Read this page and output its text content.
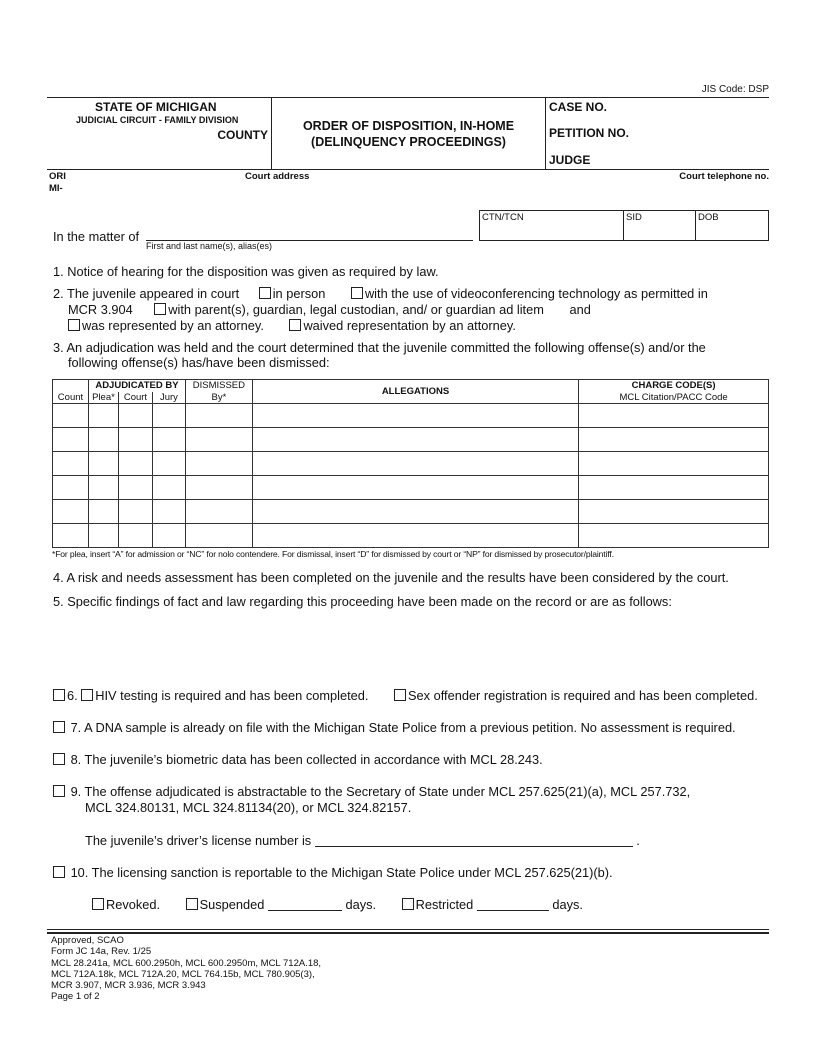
JIS Code: DSP
STATE OF MICHIGAN
JUDICIAL CIRCUIT - FAMILY DIVISION
COUNTY
ORDER OF DISPOSITION, IN-HOME
(DELINQUENCY PROCEEDINGS)
CASE NO.
PETITION NO.
JUDGE
ORI
MI-
Court address	Court telephone no.
CTN/TCN	SID	DOB
In the matter of
First and last name(s), alias(es)
1. Notice of hearing for the disposition was given as required by law.
2. The juvenile appeared in court	in person	with the use of videoconferencing technology as permitted in
MCR 3.904	with parent(s), guardian, legal custodian, and/ or guardian ad litem and
was represented by an attorney.	waived representation by an attorney.
3. An adjudication was held and the court determined that the juvenile committed the following offense(s) and/or the
following offense(s) has/have been dismissed:
Count	ADJUDICATED BY			DISMISSED	ALLEGATIONS	CHARGE CODE(S)
	Plea*	Court	Jury	By*		MCL Citation/PACC Code

*For plea, insert “A” for admission or “NC” for nolo contendere. For dismissal, insert “D” for dismissed by court or “NP” for dismissed by prosecutor/plaintiff.
4. A risk and needs assessment has been completed on the juvenile and the results have been considered by the court.
5. Specific findings of fact and law regarding this proceeding have been made on the record or are as follows:
6. HIV testing is required and has been completed.	Sex offender registration is required and has been completed.
7. A DNA sample is already on file with the Michigan State Police from a previous petition. No assessment is required.
8. The juvenile’s biometric data has been collected in accordance with MCL 28.243.
9. The offense adjudicated is abstractable to the Secretary of State under MCL 257.625(21)(a), MCL 257.732,
MCL 324.80131, MCL 324.81134(20), or MCL 324.82157.
The juvenile’s driver’s license number is	.
10. The licensing sanction is reportable to the Michigan State Police under MCL 257.625(21)(b).
Revoked.	Suspended	days.	Restricted	days.
Approved, SCAO
Form JC 14a, Rev. 1/25
MCL 28.241a, MCL 600.2950h, MCL 600.2950m, MCL 712A.18,
MCL 712A.18k, MCL 712A.20, MCL 764.15b, MCL 780.905(3),
MCR 3.907, MCR 3.936, MCR 3.943
Page 1 of 2
